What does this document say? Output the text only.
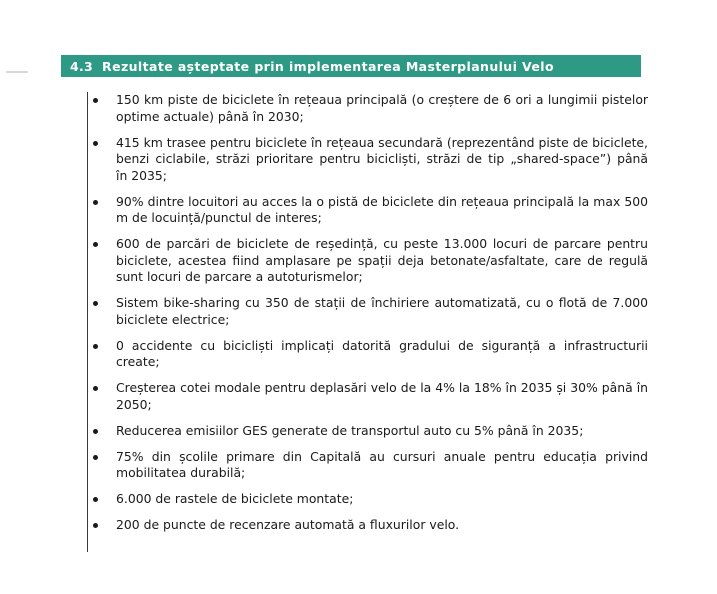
4.3 Rezultate așteptate prin implementarea Masterplanului Velo
150 km piste de biciclete în rețeaua principală (o creștere de 6 ori a lungimii pistelor
optime actuale) până în 2030;
415 km trasee pentru biciclete în rețeaua secundară (reprezentând piste de biciclete,
benzi ciclabile, străzi prioritare pentru bicicliști, străzi de tip „shared-space”) până
în 2035;
90% dintre locuitori au acces la o pistă de biciclete din rețeaua principală la max 500
m de locuință/punctul de interes;
600 de parcări de biciclete de reședință, cu peste 13.000 locuri de parcare pentru
biciclete, acestea fiind amplasare pe spații deja betonate/asfaltate, care de regulă
sunt locuri de parcare a autoturismelor;
Sistem bike-sharing cu 350 de stații de închiriere automatizată, cu o flotă de 7.000
biciclete electrice;
0 accidente cu bicicliști implicați datorită gradului de siguranță a infrastructurii
create;
Creșterea cotei modale pentru deplasări velo de la 4% la 18% în 2035 și 30% până în
2050;
Reducerea emisiilor GES generate de transportul auto cu 5% până în 2035;
75% din școlile primare din Capitală au cursuri anuale pentru educația privind
mobilitatea durabilă;
6.000 de rastele de biciclete montate;
200 de puncte de recenzare automată a fluxurilor velo.
